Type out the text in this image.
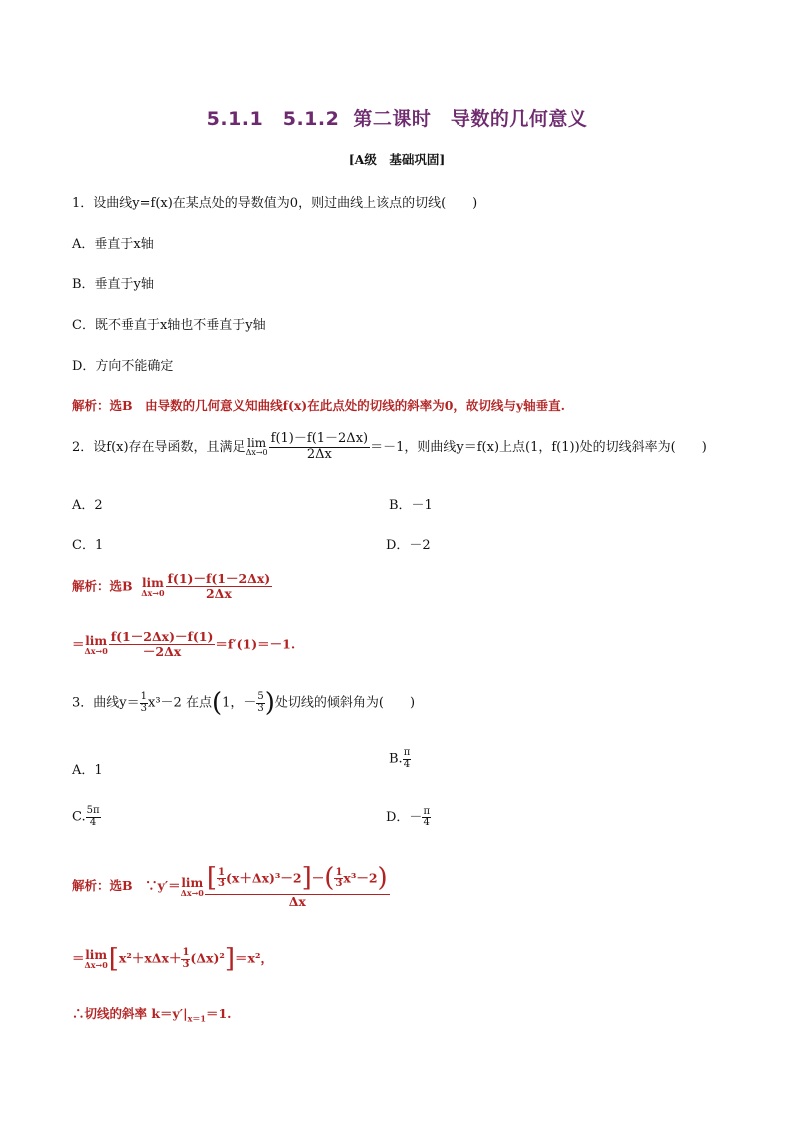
5.1.1　5.1.2 第二课时　导数的几何意义
[A级　基础巩固]
1．设曲线y=f(x)在某点处的导数值为0，则过曲线上该点的切线(　　)
A．垂直于x轴
B．垂直于y轴
C．既不垂直于x轴也不垂直于y轴
D．方向不能确定
解析：选B　由导数的几何意义知曲线f(x)在此点处的切线的斜率为0，故切线与y轴垂直.
2．设f(x)存在导函数，且满足 lim
$\Delta x\to 0 \frac{f(1)-f(1-2\Delta x)}{2\Delta x} =-1$，则曲线y＝f(x)上点(1，f(1))处的切线斜率为(　　)
A．2	B．－1
C．1	D．－2
解析：选B lim
$\Delta x\to 0 \frac{f(1)-f(1-2\Delta x)}{2\Delta x}$
＝ lim
$\Delta x\to 0 \frac{f(1-2\Delta x)-f(1)}{-2\Delta x} =f'(1)=-1$.
3．曲线$y= \frac{1}{3} x^3-2$ 在点(1，－ $\frac{5}{3}$ )处切线的倾斜角为(　　)
A．1
B. $\frac{\pi}{4}$
C. $\frac{5\pi}{4}$	D．－ $\frac{\pi}{4}$
解析：选B　∵y′＝ lim
$\Delta x\to 0 \frac{[ \frac{1}{3} (x+\Delta x)^3-2]-( \frac{1}{3} x^3-2)}{\Delta x}$
＝ lim
Δx→0 $[x^2+x\Delta x+ \frac{1}{3} (\Delta x)^2]=x^2$，
∴切线的斜率 $k=y'|_{x=1}=1$.
